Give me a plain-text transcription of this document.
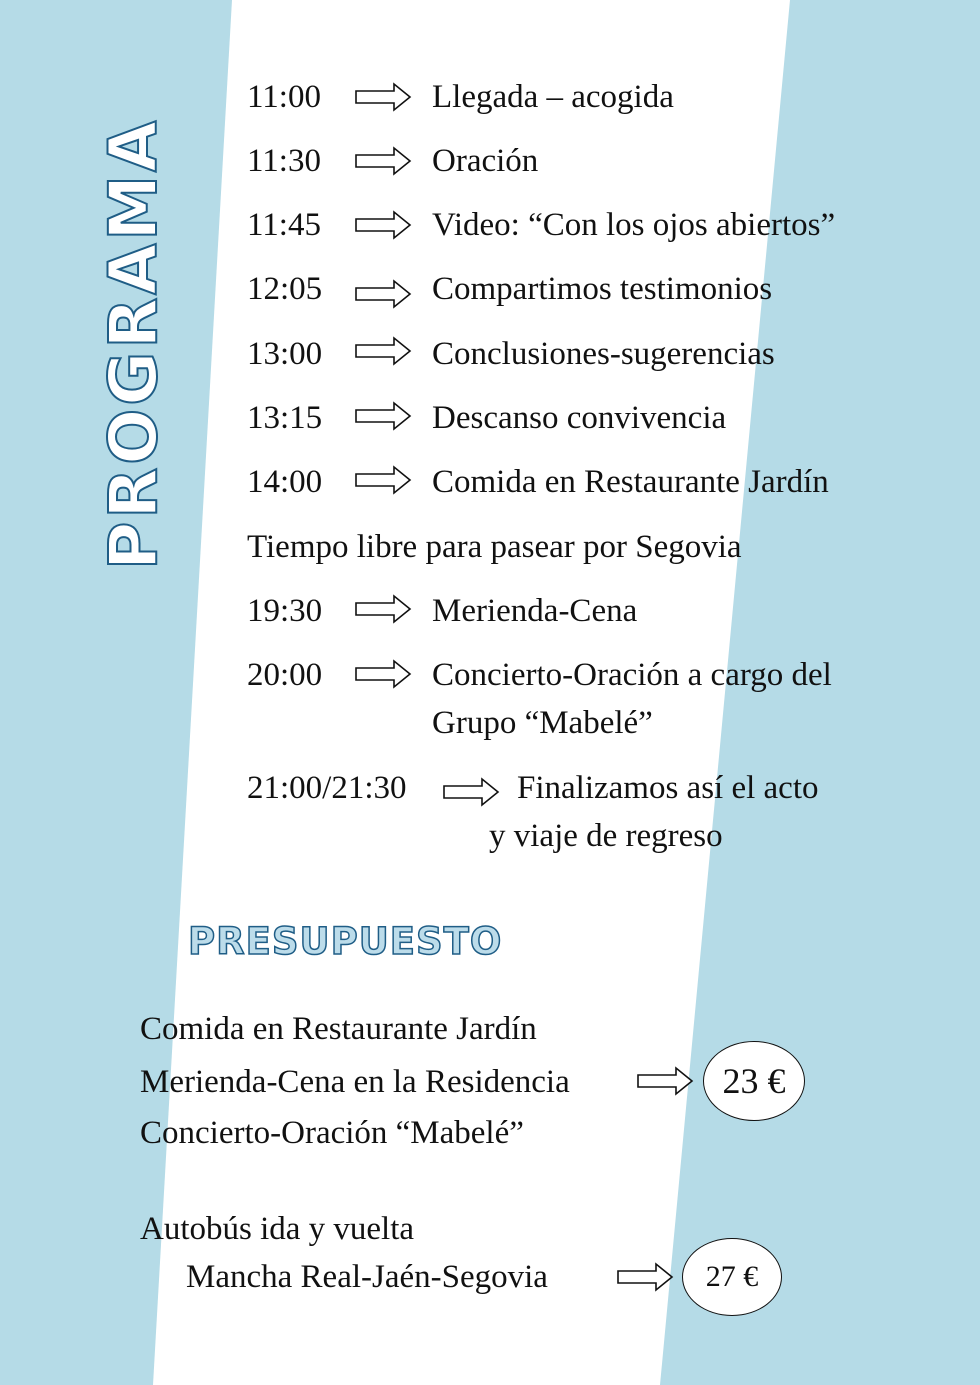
PROGRAMA
11:00	Llegada – acogida
11:30	Oración
11:45	Video: “Con los ojos abiertos”
12:05	Compartimos testimonios
13:00	Conclusiones-sugerencias
13:15	Descanso convivencia
14:00	Comida en Restaurante Jardín
Tiempo libre para pasear por Segovia
19:30	Merienda-Cena
20:00	Concierto-Oración a cargo del
Grupo “Mabelé”
21:00/21:30	Finalizamos así el acto
y viaje de regreso
PRESUPUESTO
Comida en Restaurante Jardín
Merienda-Cena en la Residencia
Concierto-Oración “Mabelé”
23 €
Autobús ida y vuelta
Mancha Real-Jaén-Segovia	27 €
